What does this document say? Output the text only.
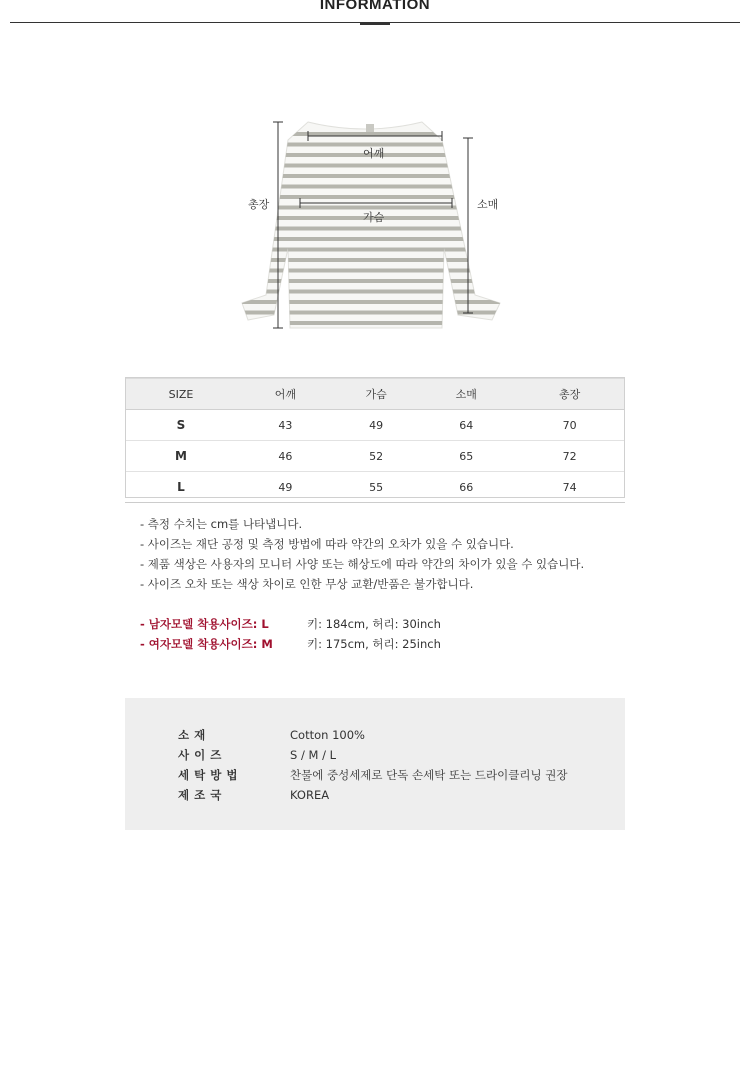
INFORMATION
어깨
가슴
총장	소매
SIZE	어깨	가슴	소매	총장
S	43	49	64	70
M	46	52	65	72
L	49	55	66	74
- 측정 수치는 cm를 나타냅니다.
- 사이즈는 재단 공정 및 측정 방법에 따라 약간의 오차가 있을 수 있습니다.
- 제품 색상은 사용자의 모니터 사양 또는 해상도에 따라 약간의 차이가 있을 수 있습니다.
- 사이즈 오차 또는 색상 차이로 인한 무상 교환/반품은 불가합니다.
- 남자모델 착용사이즈: L	키: 184cm, 허리: 30inch
- 여자모델 착용사이즈: M	키: 175cm, 허리: 25inch
소재	Cotton 100%
사이즈	S / M / L
세탁방법	찬물에 중성세제로 단독 손세탁 또는 드라이클리닝 권장
제조국	KOREA
